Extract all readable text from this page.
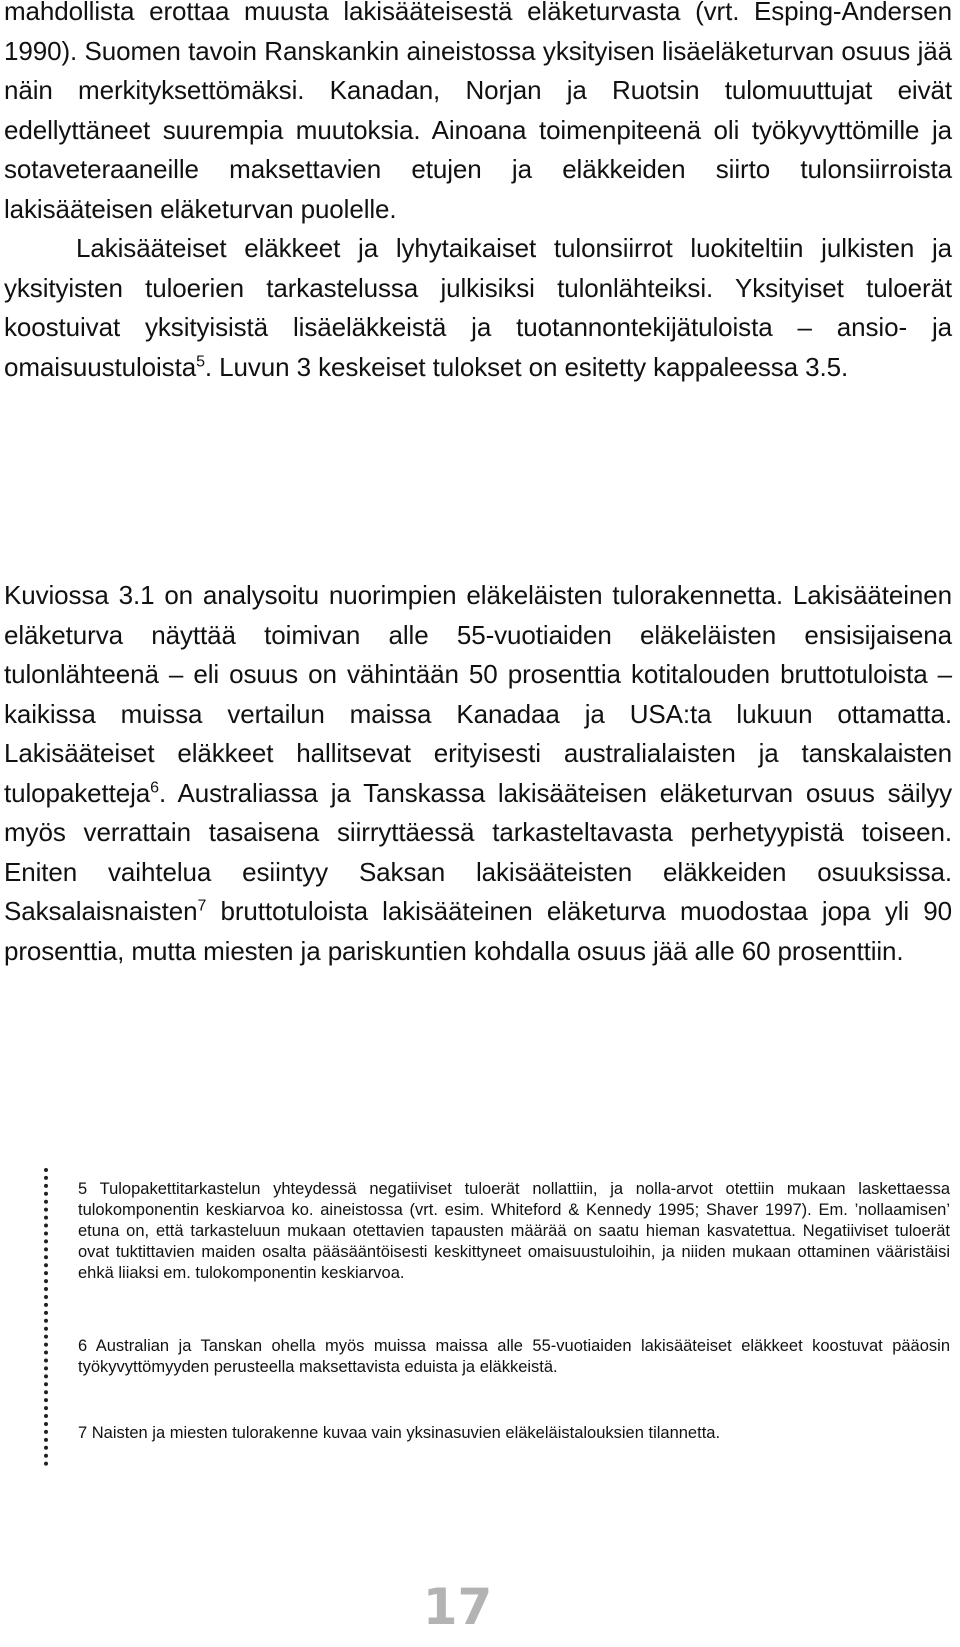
mahdollista erottaa muusta lakisääteisestä eläketurvasta (vrt. Esping-Andersen 1990). Suomen tavoin Ranskankin aineistossa yksityisen lisäeläketurvan osuus jää näin merkityksettömäksi. Kanadan, Norjan ja Ruotsin tulomuuttujat eivät edellyttäneet suurempia muutoksia. Ainoana toimenpiteenä oli työkyvyttömille ja sotaveteraaneille maksettavien etujen ja eläkkeiden siirto tulonsiirroista lakisääteisen eläketurvan puolelle.
Lakisääteiset eläkkeet ja lyhytaikaiset tulonsiirrot luokiteltiin julkisten ja yksityisten tuloerien tarkastelussa julkisiksi tulonlähteiksi. Yksityiset tuloerät koostuivat yksityisistä lisäeläkkeistä ja tuotannontekijätuloista – ansio- ja omaisuustuloista$^5$. Luvun 3 keskeiset tulokset on esitetty kappaleessa 3.5.

Kuviossa 3.1 on analysoitu nuorimpien eläkeläisten tulorakennetta. Lakisääteinen eläketurva näyttää toimivan alle 55-vuotiaiden eläkeläisten ensisijaisena tulonlähteenä – eli osuus on vähintään 50 prosenttia kotitalouden bruttotuloista – kaikissa muissa vertailun maissa Kanadaa ja USA:ta lukuun ottamatta. Lakisääteiset eläkkeet hallitsevat erityisesti australialaisten ja tanskalaisten tulopaketteja$^6$. Australiassa ja Tanskassa lakisääteisen eläketurvan osuus säilyy myös verrattain tasaisena siirryttäessä tarkasteltavasta perhetyypistä toiseen. Eniten vaihtelua esiintyy Saksan lakisääteisten eläkkeiden osuuksissa. Saksalaisnaisten$^7$ bruttotuloista lakisääteinen eläketurva muodostaa jopa yli 90 prosenttia, mutta miesten ja pariskuntien kohdalla osuus jää alle 60 prosenttiin.

5 Tulopakettitarkastelun yhteydessä negatiiviset tuloerät nollattiin, ja nolla-arvot otettiin mukaan laskettaessa tulokomponentin keskiarvoa ko. aineistossa (vrt. esim. Whiteford & Kennedy 1995; Shaver 1997). Em. ’nollaamisen’ etuna on, että tarkasteluun mukaan otettavien tapausten määrää on saatu hieman kasvatettua. Negatiiviset tuloerät ovat tuktittavien maiden osalta pääsääntöisesti keskittyneet omaisuustuloihin, ja niiden mukaan ottaminen vääristäisi ehkä liiaksi em. tulokomponentin keskiarvoa.

6 Australian ja Tanskan ohella myös muissa maissa alle 55-vuotiaiden lakisääteiset eläkkeet koostuvat pääosin työkyvyttömyyden perusteella maksettavista eduista ja eläkkeistä.

7 Naisten ja miesten tulorakenne kuvaa vain yksinasuvien eläkeläistalouksien tilannetta.

17
